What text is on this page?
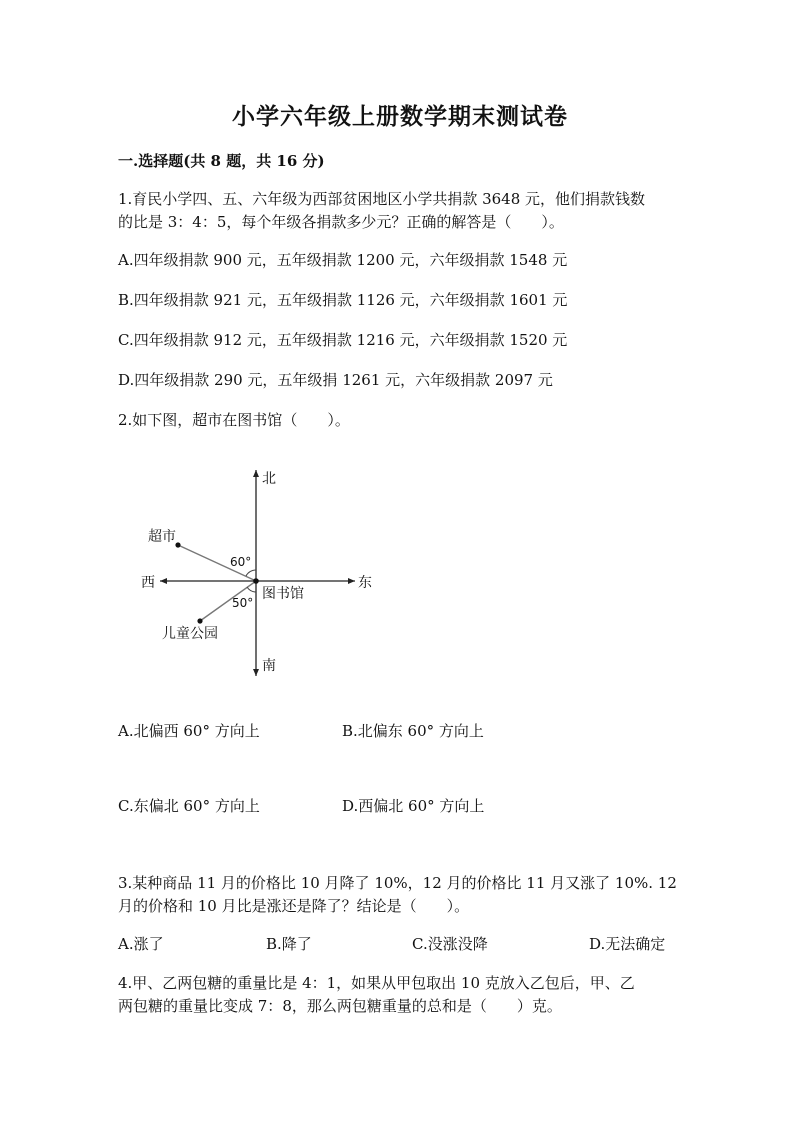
小学六年级上册数学期末测试卷
一.选择题(共 8 题，共 16 分)
1.育民小学四、五、六年级为西部贫困地区小学共捐款 3648 元，他们捐款钱数
的比是 3：4：5，每个年级各捐款多少元？正确的解答是（　　）。
A.四年级捐款 900 元，五年级捐款 1200 元，六年级捐款 1548 元
B.四年级捐款 921 元，五年级捐款 1126 元，六年级捐款 1601 元
C.四年级捐款 912 元，五年级捐款 1216 元，六年级捐款 1520 元
D.四年级捐款 290 元，五年级捐 1261 元，六年级捐款 2097 元
2.如下图，超市在图书馆（　　）。
北
南
东
西
超市
图书馆
儿童公园
60°
50°
A.北偏西 60° 方向上	B.北偏东 60° 方向上
C.东偏北 60° 方向上	D.西偏北 60° 方向上
3.某种商品 11 月的价格比 10 月降了 10%，12 月的价格比 11 月又涨了 10%. 12
月的价格和 10 月比是涨还是降了？结论是（　　）。
A.涨了	B.降了	C.没涨没降	D.无法确定
4.甲、乙两包糖的重量比是 4：1，如果从甲包取出 10 克放入乙包后，甲、乙
两包糖的重量比变成 7：8，那么两包糖重量的总和是（　　）克。
